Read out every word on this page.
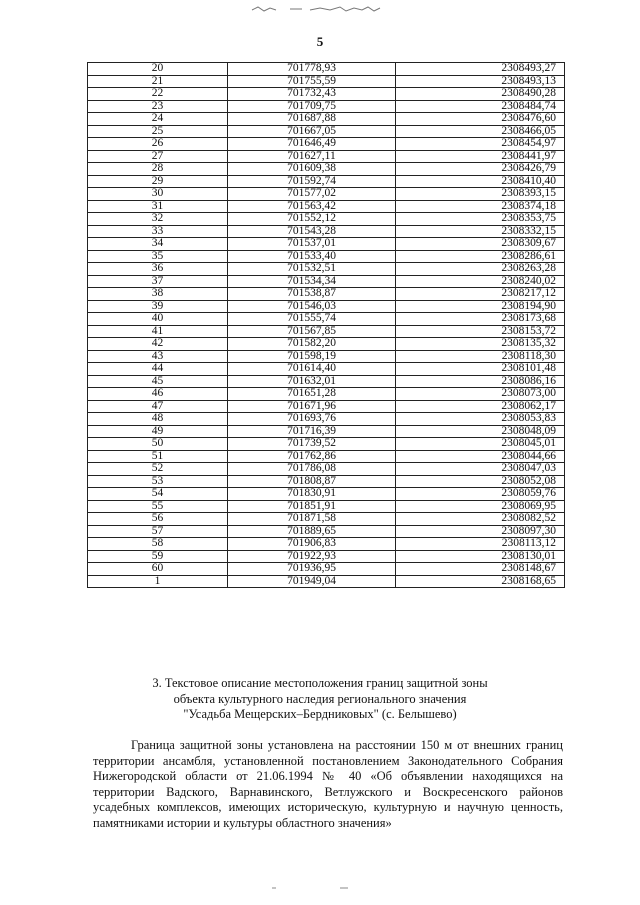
5
20	701778,93	2308493,27
21	701755,59	2308493,13
22	701732,43	2308490,28
23	701709,75	2308484,74
24	701687,88	2308476,60
25	701667,05	2308466,05
26	701646,49	2308454,97
27	701627,11	2308441,97
28	701609,38	2308426,79
29	701592,74	2308410,40
30	701577,02	2308393,15
31	701563,42	2308374,18
32	701552,12	2308353,75
33	701543,28	2308332,15
34	701537,01	2308309,67
35	701533,40	2308286,61
36	701532,51	2308263,28
37	701534,34	2308240,02
38	701538,87	2308217,12
39	701546,03	2308194,90
40	701555,74	2308173,68
41	701567,85	2308153,72
42	701582,20	2308135,32
43	701598,19	2308118,30
44	701614,40	2308101,48
45	701632,01	2308086,16
46	701651,28	2308073,00
47	701671,96	2308062,17
48	701693,76	2308053,83
49	701716,39	2308048,09
50	701739,52	2308045,01
51	701762,86	2308044,66
52	701786,08	2308047,03
53	701808,87	2308052,08
54	701830,91	2308059,76
55	701851,91	2308069,95
56	701871,58	2308082,52
57	701889,65	2308097,30
58	701906,83	2308113,12
59	701922,93	2308130,01
60	701936,95	2308148,67
1	701949,04	2308168,65
3. Текстовое описание местоположения границ защитной зоны
объекта культурного наследия регионального значения
"Усадьба Мещерских–Бердниковых" (с. Белышево)
Граница защитной зоны установлена на расстоянии 150 м от внешних границ территории ансамбля, установленной постановлением Законодательного Собрания Нижегородской области от 21.06.1994 № 40 «Об объявлении находящихся на территории Вадского, Варнавинского, Ветлужского и Воскресенского районов усадебных комплексов, имеющих историческую, культурную и научную ценность, памятниками истории и культуры областного значения»
